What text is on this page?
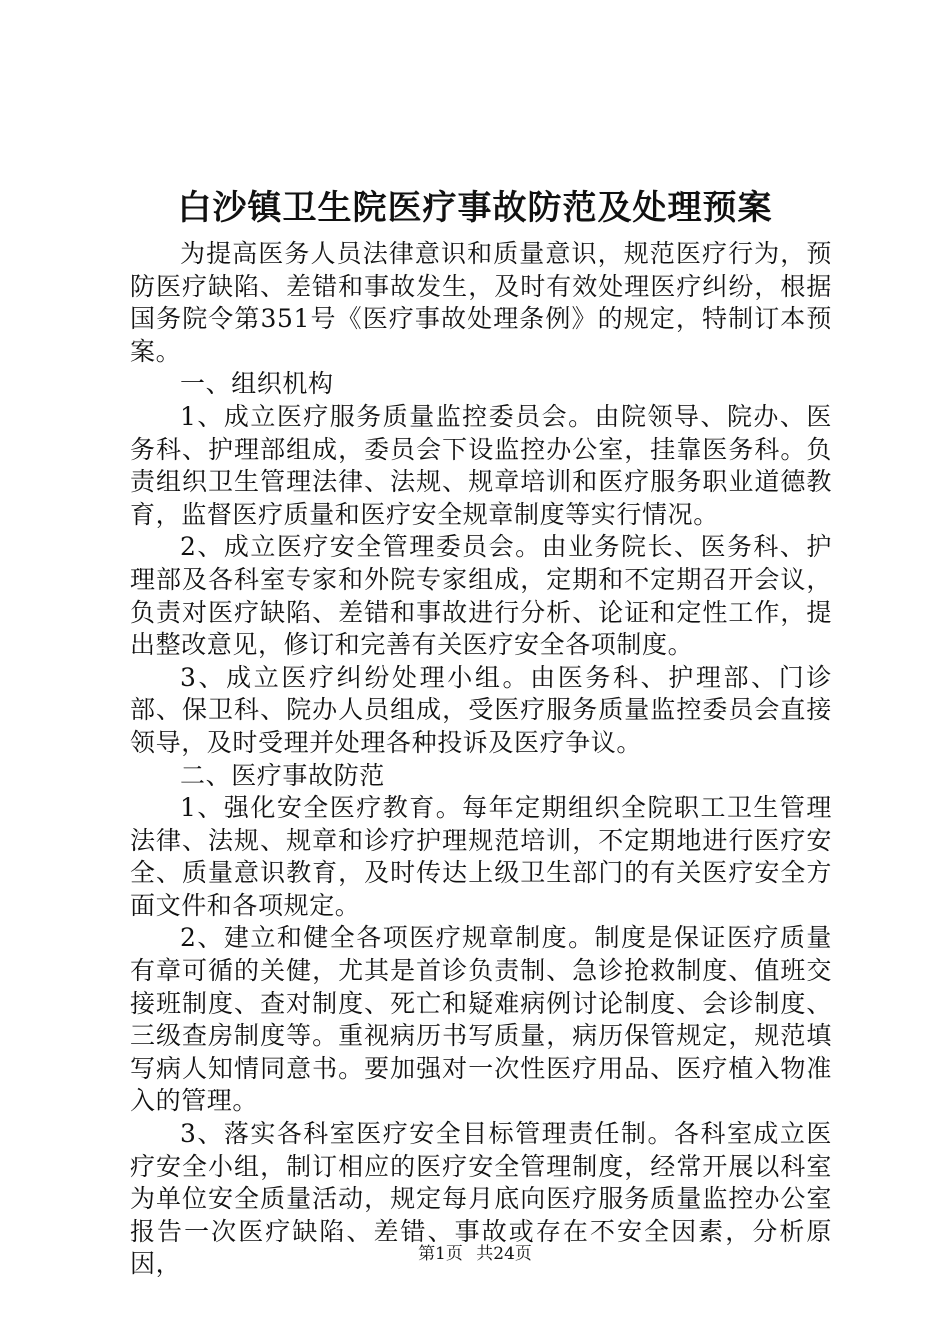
白沙镇卫生院医疗事故防范及处理预案

为提高医务人员法律意识和质量意识，规范医疗行为，预防医疗缺陷、差错和事故发生，及时有效处理医疗纠纷，根据国务院令第351号《医疗事故处理条例》的规定，特制订本预案。

一、组织机构

1、成立医疗服务质量监控委员会。由院领导、院办、医务科、护理部组成，委员会下设监控办公室，挂靠医务科。负责组织卫生管理法律、法规、规章培训和医疗服务职业道德教育，监督医疗质量和医疗安全规章制度等实行情况。

2、成立医疗安全管理委员会。由业务院长、医务科、护理部及各科室专家和外院专家组成，定期和不定期召开会议，负责对医疗缺陷、差错和事故进行分析、论证和定性工作，提出整改意见，修订和完善有关医疗安全各项制度。

3、成立医疗纠纷处理小组。由医务科、护理部、门诊部、保卫科、院办人员组成，受医疗服务质量监控委员会直接领导，及时受理并处理各种投诉及医疗争议。

二、医疗事故防范

1、强化安全医疗教育。每年定期组织全院职工卫生管理法律、法规、规章和诊疗护理规范培训，不定期地进行医疗安全、质量意识教育，及时传达上级卫生部门的有关医疗安全方面文件和各项规定。

2、建立和健全各项医疗规章制度。制度是保证医疗质量有章可循的关健，尤其是首诊负责制、急诊抢救制度、值班交接班制度、查对制度、死亡和疑难病例讨论制度、会诊制度、三级查房制度等。重视病历书写质量，病历保管规定，规范填写病人知情同意书。要加强对一次性医疗用品、医疗植入物准入的管理。

3、落实各科室医疗安全目标管理责任制。各科室成立医疗安全小组，制订相应的医疗安全管理制度，经常开展以科室为单位安全质量活动，规定每月底向医疗服务质量监控办公室报告一次医疗缺陷、差错、事故或存在不安全因素，分析原因，	第1页 共24页
